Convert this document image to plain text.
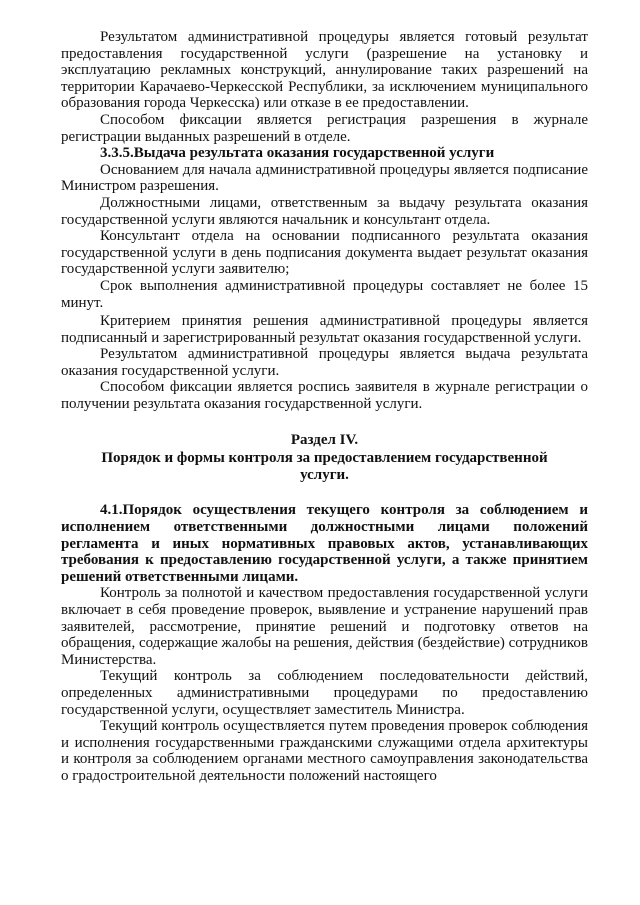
Результатом административной процедуры является готовый результат предоставления государственной услуги (разрешение на установку и эксплуатацию рекламных конструкций, аннулирование таких разрешений на территории Карачаево-Черкесской Республики, за исключением муниципального образования города Черкесска) или отказе в ее предоставлении.

Способом фиксации является регистрация разрешения в журнале регистрации выданных разрешений в отделе.

3.3.5.Выдача результата оказания государственной услуги

Основанием для начала административной процедуры является подписание Министром разрешения.

Должностными лицами, ответственным за выдачу результата оказания государственной услуги являются начальник и консультант отдела.

Консультант отдела на основании подписанного результата оказания государственной услуги в день подписания документа выдает результат оказания государственной услуги заявителю;

Срок выполнения административной процедуры составляет не более 15 минут.

Критерием принятия решения административной процедуры является подписанный и зарегистрированный результат оказания государственной услуги.

Результатом административной процедуры является выдача результата оказания государственной услуги.

Способом фиксации является роспись заявителя в журнале регистрации о получении результата оказания государственной услуги.

Раздел IV.
Порядок и формы контроля за предоставлением государственной услуги.
4.1.Порядок осуществления текущего контроля за соблюдением и исполнением ответственными должностными лицами положений регламента и иных нормативных правовых актов, устанавливающих требования к предоставлению государственной услуги, а также принятием решений ответственными лицами.

Контроль за полнотой и качеством предоставления государственной услуги включает в себя проведение проверок, выявление и устранение нарушений прав заявителей, рассмотрение, принятие решений и подготовку ответов на обращения, содержащие жалобы на решения, действия (бездействие) сотрудников Министерства.

Текущий контроль за соблюдением последовательности действий, определенных административными процедурами по предоставлению государственной услуги, осуществляет заместитель Министра.

Текущий контроль осуществляется путем проведения проверок соблюдения и исполнения государственными гражданскими служащими отдела архитектуры и контроля за соблюдением органами местного самоуправления законодательства о градостроительной деятельности положений настоящего
